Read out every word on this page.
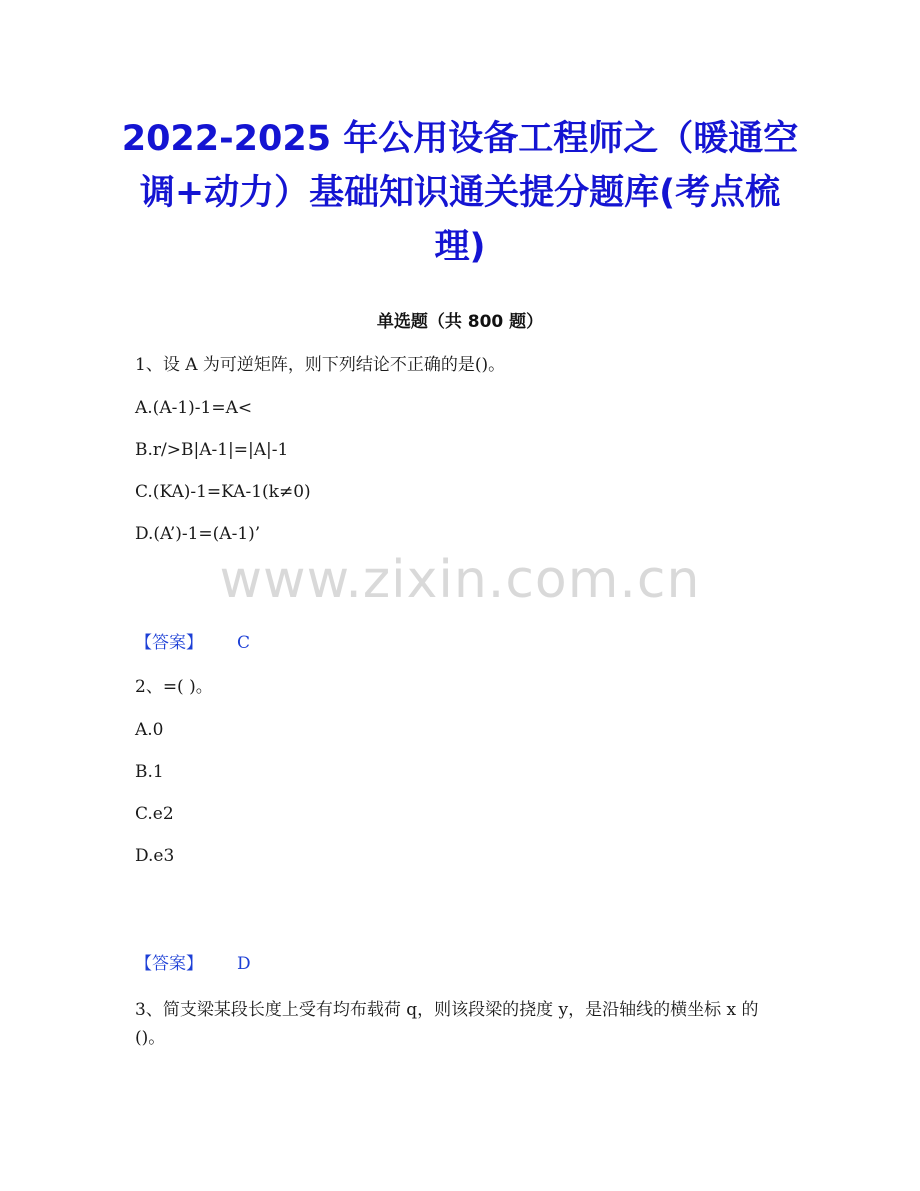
2022-2025 年公用设备工程师之（暖通空调+动力）基础知识通关提分题库(考点梳理)
单选题（共 800 题）
1、设 A 为可逆矩阵，则下列结论不正确的是()。
A.(A-1)-1=A<
B.r/>B|A-1|=|A|-1
C.(KA)-1=KA-1(k≠0)
D.(A’)-1=(A-1)’
www.zixin.com.cn
【答案】 C
2、=( )。
A.0
B.1
C.e2
D.e3
【答案】 D
3、简支梁某段长度上受有均布载荷 q，则该段梁的挠度 y，是沿轴线的横坐标 x 的()。
